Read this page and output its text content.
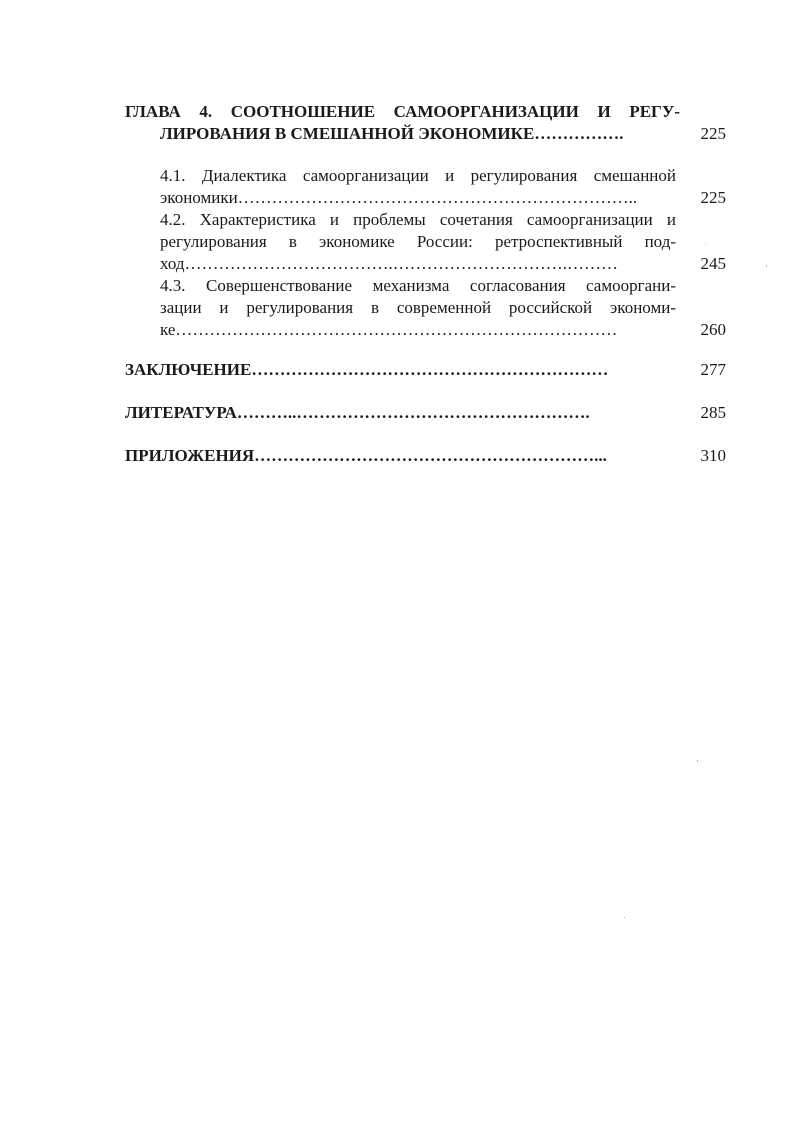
ГЛАВА 4. СООТНОШЕНИЕ САМООРГАНИЗАЦИИ И РЕГУ-
ЛИРОВАНИЯ В СМЕШАННОЙ ЭКОНОМИКЕ…………….	225
4.1. Диалектика самоорганизации и регулирования смешанной
экономики……………………………………………………………..	225
4.2. Характеристика и проблемы сочетания самоорганизации и
регулирования в экономике России: ретроспективный под-
ход……………………………….………………………….………	245
4.3. Совершенствование механизма согласования самооргани-
зации и регулирования в современной российской экономи-
ке……………………………………………………………………	260
ЗАКЛЮЧЕНИЕ………………………………………………………	277
ЛИТЕРАТУРА………..…………………………………………….	285
ПРИЛОЖЕНИЯ……………………………………………………...	310
